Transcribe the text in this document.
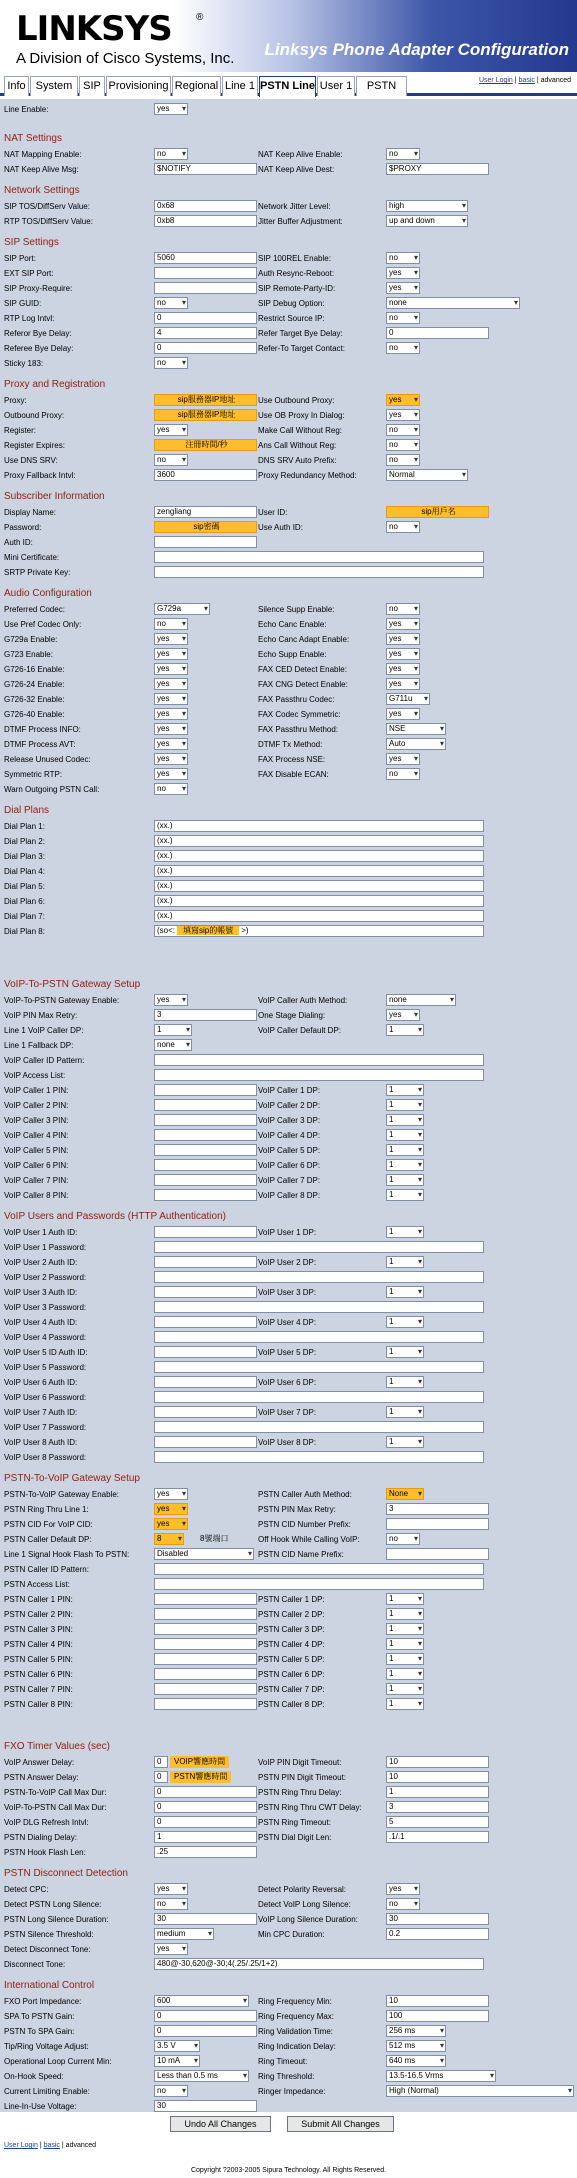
LINKSYS ®
A Division of Cisco Systems, Inc. Linksys Phone Adapter Configuration
Info System SIP Provisioning Regional Line 1 PSTN Line User 1	PSTN	User Login | basic | advanced
Line Enable:	yes ▾
NAT Settings
NAT Mapping Enable:	no ▾	NAT Keep Alive Enable:	no ▾
NAT Keep Alive Msg:	$NOTIFY	NAT Keep Alive Dest:	$PROXY
Network Settings
SIP TOS/DiffServ Value:	0x68	Network Jitter Level:	high ▾
RTP TOS/DiffServ Value:	0xb8	Jitter Buffer Adjustment:	up and down ▾
SIP Settings
SIP Port:	5060	SIP 100REL Enable:	no ▾
EXT SIP Port:	Auth Resync-Reboot:	yes ▾
SIP Proxy-Require:	SIP Remote-Party-ID:	yes ▾
SIP GUID:	no ▾	SIP Debug Option:	none ▾
RTP Log Intvl:	0	Restrict Source IP:	no ▾
Referor Bye Delay:	4	Refer Target Bye Delay:	0
Referee Bye Delay:	0	Refer-To Target Contact:	no ▾
Sticky 183:	no ▾
Proxy and Registration
Proxy:	sip服務器IP地址	Use Outbound Proxy:	yes ▾
Outbound Proxy:	sip服務器IP地址	Use OB Proxy In Dialog:	yes ▾
Register:	yes ▾	Make Call Without Reg:	no ▾
Register Expires:	注冊時間/秒	Ans Call Without Reg:	no ▾
Use DNS SRV:	no ▾	DNS SRV Auto Prefix:	no ▾
Proxy Fallback Intvl:	3600	Proxy Redundancy Method:	Normal ▾
Subscriber Information
Display Name:	zengliang	User ID:	sip用戶名
Password:	sip密碼	Use Auth ID:	no ▾
Auth ID:
Mini Certificate:
SRTP Private Key:
Audio Configuration
Preferred Codec:	G729a ▾	Silence Supp Enable:	no ▾
Use Pref Codec Only:	no ▾	Echo Canc Enable:	yes ▾
G729a Enable:	yes ▾	Echo Canc Adapt Enable:	yes ▾
G723 Enable:	yes ▾	Echo Supp Enable:	yes ▾
G726-16 Enable:	yes ▾	FAX CED Detect Enable:	yes ▾
G726-24 Enable:	yes ▾	FAX CNG Detect Enable:	yes ▾
G726-32 Enable:	yes ▾	FAX Passthru Codec:	G711u ▾
G726-40 Enable:	yes ▾	FAX Codec Symmetric:	yes ▾
DTMF Process INFO:	yes ▾	FAX Passthru Method:	NSE ▾
DTMF Process AVT:	yes ▾	DTMF Tx Method:	Auto ▾
Release Unused Codec:	yes ▾	FAX Process NSE:	yes ▾
Symmetric RTP:	yes ▾	FAX Disable ECAN:	no ▾
Warn Outgoing PSTN Call:	no ▾
Dial Plans
Dial Plan 1:	(xx.)
Dial Plan 2:	(xx.)
Dial Plan 3:	(xx.)
Dial Plan 4:	(xx.)
Dial Plan 5:	(xx.)
Dial Plan 6:	(xx.)
Dial Plan 7:	(xx.)
Dial Plan 8:	(so<: 填寫sip的帳號 >)
VoIP-To-PSTN Gateway Setup
VoIP-To-PSTN Gateway Enable:	yes ▾	VoIP Caller Auth Method:	none ▾
VoIP PIN Max Retry:	3	One Stage Dialing:	yes ▾
Line 1 VoIP Caller DP:	1 ▾	VoIP Caller Default DP:	1 ▾
Line 1 Fallback DP:	none ▾
VoIP Caller ID Pattern:
VoIP Access List:
VoIP Caller 1 PIN:	VoIP Caller 1 DP:	1 ▾
VoIP Caller 2 PIN:	VoIP Caller 2 DP:	1 ▾
VoIP Caller 3 PIN:	VoIP Caller 3 DP:	1 ▾
VoIP Caller 4 PIN:	VoIP Caller 4 DP:	1 ▾
VoIP Caller 5 PIN:	VoIP Caller 5 DP:	1 ▾
VoIP Caller 6 PIN:	VoIP Caller 6 DP:	1 ▾
VoIP Caller 7 PIN:	VoIP Caller 7 DP:	1 ▾
VoIP Caller 8 PIN:	VoIP Caller 8 DP:	1 ▾
VoIP Users and Passwords (HTTP Authentication)
VoIP User 1 Auth ID:	VoIP User 1 DP:	1 ▾
VoIP User 1 Password:
VoIP User 2 Auth ID:	VoIP User 2 DP:	1 ▾
VoIP User 2 Password:
VoIP User 3 Auth ID:	VoIP User 3 DP:	1 ▾
VoIP User 3 Password:
VoIP User 4 Auth ID:	VoIP User 4 DP:	1 ▾
VoIP User 4 Password:
VoIP User 5 ID Auth ID:	VoIP User 5 DP:	1 ▾
VoIP User 5 Password:
VoIP User 6 Auth ID:	VoIP User 6 DP:	1 ▾
VoIP User 6 Password:
VoIP User 7 Auth ID:	VoIP User 7 DP:	1 ▾
VoIP User 7 Password:
VoIP User 8 Auth ID:	VoIP User 8 DP:	1 ▾
VoIP User 8 Password:
PSTN-To-VoIP Gateway Setup
PSTN-To-VoIP Gateway Enable:	yes ▾	PSTN Caller Auth Method:	None ▾
PSTN Ring Thru Line 1:	yes ▾	PSTN PIN Max Retry:	3
PSTN CID For VoIP CID:	yes ▾	PSTN CID Number Prefix:
PSTN Caller Default DP:	8 ▾	8號端口	Off Hook While Calling VoIP:	no ▾
Line 1 Signal Hook Flash To PSTN:	Disabled ▾	PSTN CID Name Prefix:
PSTN Caller ID Pattern:
PSTN Access List:
PSTN Caller 1 PIN:	PSTN Caller 1 DP:	1 ▾
PSTN Caller 2 PIN:	PSTN Caller 2 DP:	1 ▾
PSTN Caller 3 PIN:	PSTN Caller 3 DP:	1 ▾
PSTN Caller 4 PIN:	PSTN Caller 4 DP:	1 ▾
PSTN Caller 5 PIN:	PSTN Caller 5 DP:	1 ▾
PSTN Caller 6 PIN:	PSTN Caller 6 DP:	1 ▾
PSTN Caller 7 PIN:	PSTN Caller 7 DP:	1 ▾
PSTN Caller 8 PIN:	PSTN Caller 8 DP:	1 ▾
FXO Timer Values (sec)
VoIP Answer Delay:	0	VOIP響應時間	VoIP PIN Digit Timeout:	10
PSTN Answer Delay:	0	PSTN響應時間	PSTN PIN Digit Timeout:	10
PSTN-To-VoIP Call Max Dur:	0	PSTN Ring Thru Delay:	1
VoIP-To-PSTN Call Max Dur:	0	PSTN Ring Thru CWT Delay:	3
VoIP DLG Refresh Intvl:	0	PSTN Ring Timeout:	5
PSTN Dialing Delay:	1	PSTN Dial Digit Len:	.1/.1
PSTN Hook Flash Len:	.25
PSTN Disconnect Detection
Detect CPC:	yes ▾	Detect Polarity Reversal:	yes ▾
Detect PSTN Long Silence:	no ▾	Detect VoIP Long Silence:	no ▾
PSTN Long Silence Duration:	30	VoIP Long Silence Duration:	30
PSTN Silence Threshold:	medium ▾	Min CPC Duration:	0.2
Detect Disconnect Tone:	yes ▾
Disconnect Tone:	480@-30,620@-30;4(.25/.25/1+2)
International Control
FXO Port Impedance:	600 ▾	Ring Frequency Min:	10
SPA To PSTN Gain:	0	Ring Frequency Max:	100
PSTN To SPA Gain:	0	Ring Validation Time:	256 ms ▾
Tip/Ring Voltage Adjust:	3.5 V ▾	Ring Indication Delay:	512 ms ▾
Operational Loop Current Min:	10 mA ▾	Ring Timeout:	640 ms ▾
On-Hook Speed:	Less than 0.5 ms ▾	Ring Threshold:	13.5-16.5 Vrms ▾
Current Limiting Enable:	no ▾	Ringer Impedance:	High (Normal) ▾
Line-In-Use Voltage:	30
Undo All Changes	Submit All Changes
User Login | basic | advanced
Copyright ?2003-2005 Sipura Technology. All Rights Reserved.
